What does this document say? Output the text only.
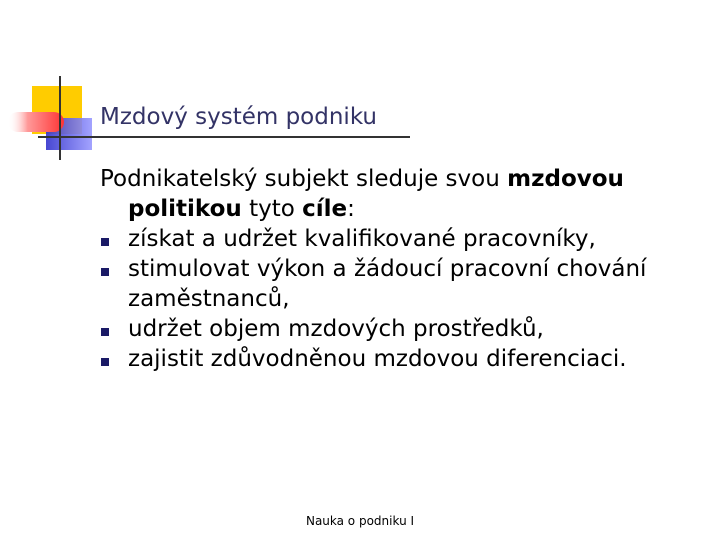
Mzdový systém podniku
Podnikatelský subjekt sleduje svou mzdovou
politikou tyto cíle:
získat a udržet kvalifikované pracovníky,
stimulovat výkon a žádoucí pracovní chování zaměstnanců,
udržet objem mzdových prostředků,
zajistit zdůvodněnou mzdovou diferenciaci.
Nauka o podniku I
